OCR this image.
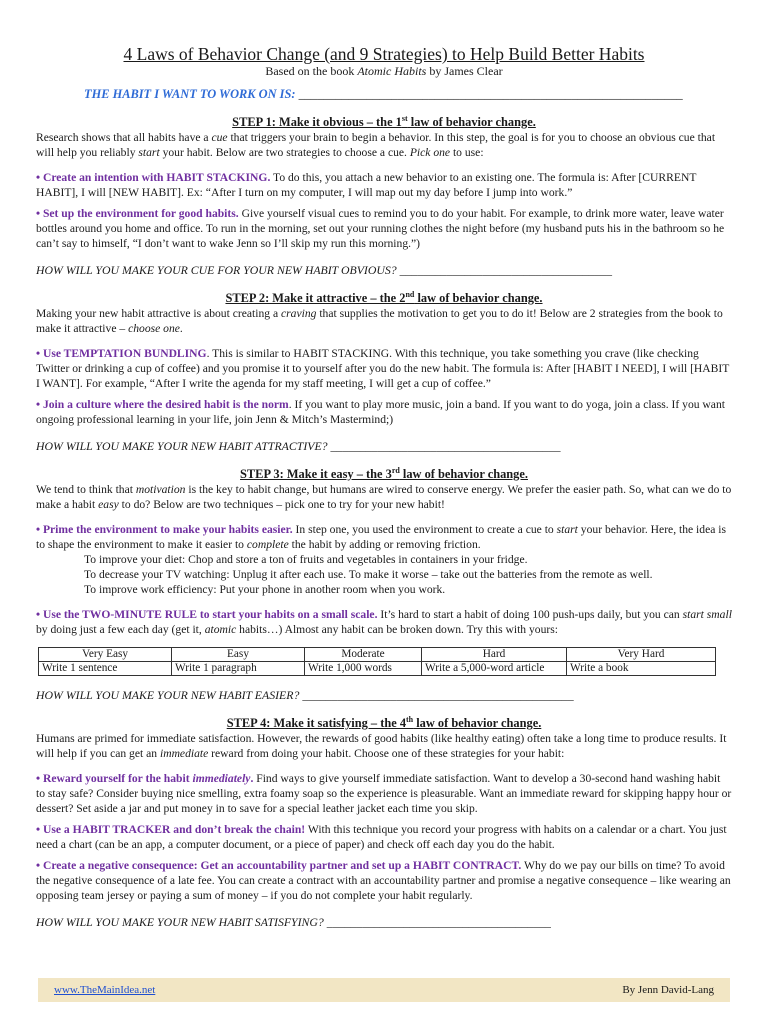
4 Laws of Behavior Change (and 9 Strategies) to Help Build Better Habits
Based on the book Atomic Habits by James Clear
THE HABIT I WANT TO WORK ON IS: ______________________________________________________________
STEP 1: Make it obvious – the 1st law of behavior change.

Research shows that all habits have a cue that triggers your brain to begin a behavior. In this step, the goal is for you to choose an obvious cue that will help you reliably start your habit. Below are two strategies to choose a cue. Pick one to use:

• Create an intention with HABIT STACKING. To do this, you attach a new behavior to an existing one. The formula is: After [CURRENT HABIT], I will [NEW HABIT]. Ex: “After I turn on my computer, I will map out my day before I jump into work.”

• Set up the environment for good habits. Give yourself visual cues to remind you to do your habit. For example, to drink more water, leave water bottles around you home and office. To run in the morning, set out your running clothes the night before (my husband puts his in the bathroom so he can’t say to himself, “I don’t want to wake Jenn so I’ll skip my run this morning.”)

HOW WILL YOU MAKE YOUR CUE FOR YOUR NEW HABIT OBVIOUS? ____________________________________

STEP 2: Make it attractive – the 2nd law of behavior change.

Making your new habit attractive is about creating a craving that supplies the motivation to get you to do it! Below are 2 strategies from the book to make it attractive – choose one.

• Use TEMPTATION BUNDLING. This is similar to HABIT STACKING. With this technique, you take something you crave (like checking Twitter or drinking a cup of coffee) and you promise it to yourself after you do the new habit. The formula is: After [HABIT I NEED], I will [HABIT I WANT]. For example, “After I write the agenda for my staff meeting, I will get a cup of coffee.”

• Join a culture where the desired habit is the norm. If you want to play more music, join a band. If you want to do yoga, join a class. If you want ongoing professional learning in your life, join Jenn & Mitch’s Mastermind;)

HOW WILL YOU MAKE YOUR NEW HABIT ATTRACTIVE? _______________________________________

STEP 3: Make it easy – the 3rd law of behavior change.

We tend to think that motivation is the key to habit change, but humans are wired to conserve energy. We prefer the easier path. So, what can we do to make a habit easy to do? Below are two techniques – pick one to try for your new habit!

• Prime the environment to make your habits easier. In step one, you used the environment to create a cue to start your behavior. Here, the idea is to shape the environment to make it easier to complete the habit by adding or removing friction.

To improve your diet: Chop and store a ton of fruits and vegetables in containers in your fridge.

To decrease your TV watching: Unplug it after each use. To make it worse – take out the batteries from the remote as well.

To improve work efficiency: Put your phone in another room when you work.

• Use the TWO-MINUTE RULE to start your habits on a small scale. It’s hard to start a habit of doing 100 push-ups daily, but you can start small by doing just a few each day (get it, atomic habits…) Almost any habit can be broken down. Try this with yours:

Very Easy	Easy	Moderate	Hard	Very Hard
Write 1 sentence	Write 1 paragraph	Write 1,000 words	Write a 5,000-word article	Write a book

HOW WILL YOU MAKE YOUR NEW HABIT EASIER? ______________________________________________

STEP 4: Make it satisfying – the 4th law of behavior change.

Humans are primed for immediate satisfaction. However, the rewards of good habits (like healthy eating) often take a long time to produce results. It will help if you can get an immediate reward from doing your habit. Choose one of these strategies for your habit:

• Reward yourself for the habit immediately. Find ways to give yourself immediate satisfaction. Want to develop a 30-second hand washing habit to stay safe? Consider buying nice smelling, extra foamy soap so the experience is pleasurable. Want an immediate reward for skipping happy hour or dessert? Set aside a jar and put money in to save for a special leather jacket each time you skip.

• Use a HABIT TRACKER and don’t break the chain! With this technique you record your progress with habits on a calendar or a chart. You just need a chart (can be an app, a computer document, or a piece of paper) and check off each day you do the habit.

• Create a negative consequence: Get an accountability partner and set up a HABIT CONTRACT. Why do we pay our bills on time? To avoid the negative consequence of a late fee. You can create a contract with an accountability partner and promise a negative consequence – like wearing an opposing team jersey or paying a sum of money – if you do not complete your habit regularly.

HOW WILL YOU MAKE YOUR NEW HABIT SATISFYING? ______________________________________

www.TheMainIdea.net	By Jenn David-Lang
